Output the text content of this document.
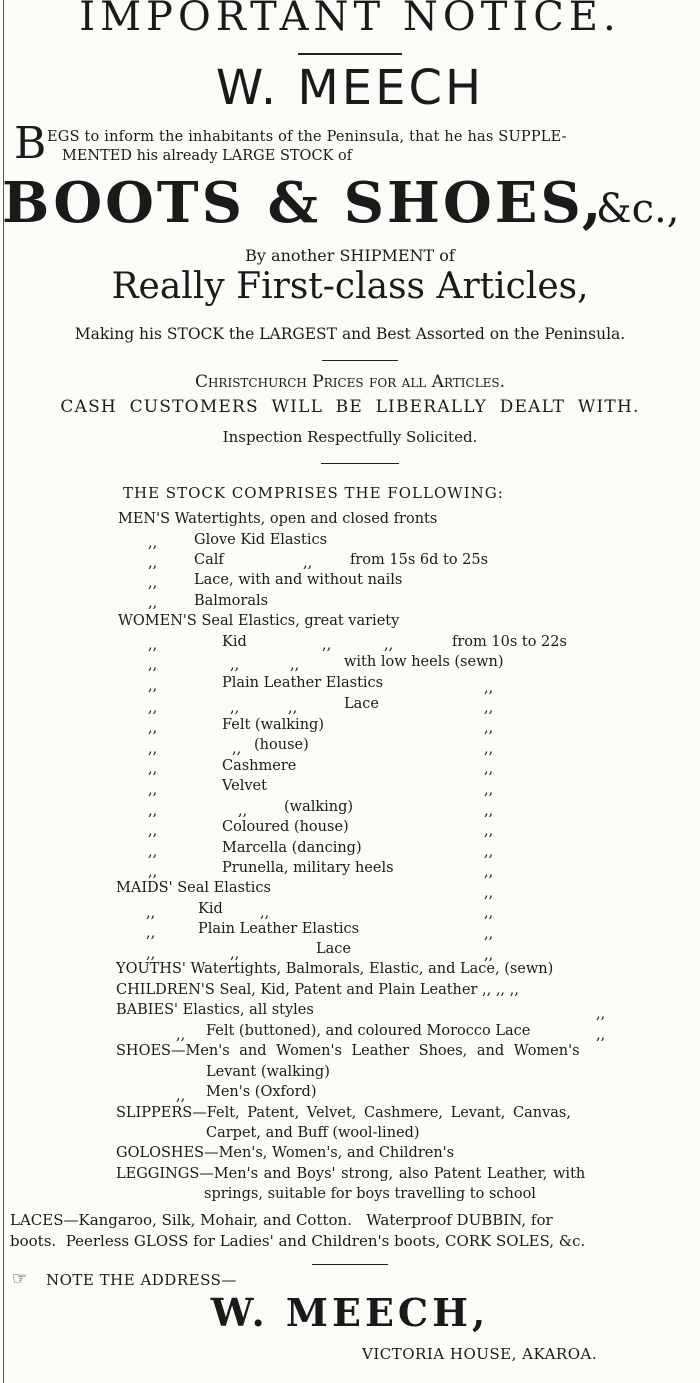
IMPORTANT NOTICE.
W. MEECH
B EGS to inform the inhabitants of the Peninsula, that he has SUPPLE-
MENTED his already LARGE STOCK of
BOOTS & SHOES,
&c.,
By another SHIPMENT of
Really First-class Articles,
Making his STOCK the LARGEST and Best Assorted on the Peninsula.
Christchurch Prices for all Articles.
CASH CUSTOMERS WILL BE LIBERALLY DEALT WITH.
Inspection Respectfully Solicited.
THE STOCK COMPRISES THE FOLLOWING:
MEN'S Watertights, open and closed fronts
,,	Glove Kid Elastics
,,	Calf	,,	from 15s 6d to 25s
,,	Lace, with and without nails
,,	Balmorals
WOMEN'S Seal Elastics, great variety
,,	Kid	,,	,,	from 10s to 22s
,,	,,	,,	with low heels (sewn)
,,	Plain Leather Elastics	,,
,,	,,	,,	Lace	,,
,,	Felt (walking)	,,
,,	,, (house)	,,
,,	Cashmere	,,
,,	Velvet	,,
,,	,,	(walking)	,,
,,	Coloured (house)	,,
,,	Marcella (dancing)	,,
,,	Prunella, military heels	,,
MAIDS' Seal Elastics	,,
,,	Kid	,,	,,
,,	Plain Leather Elastics	,,
,,	,,	Lace	,,
YOUTHS' Watertights, Balmorals, Elastic, and Lace, (sewn)
CHILDREN'S Seal, Kid, Patent and Plain Leather ,, ,, ,,
BABIES' Elastics, all styles	,,
,, Felt (buttoned), and coloured Morocco Lace	,,
SHOES—Men's and Women's Leather Shoes, and Women's
Levant (walking)
,, Men's (Oxford)
SLIPPERS—Felt, Patent, Velvet, Cashmere, Levant, Canvas,
Carpet, and Buff (wool-lined)
GOLOSHES—Men's, Women's, and Children's
LEGGINGS—Men's and Boys' strong, also Patent Leather, with
springs, suitable for boys travelling to school
LACES—Kangaroo, Silk, Mohair, and Cotton.   Waterproof DUBBIN, for
boots.  Peerless GLOSS for Ladies' and Children's boots, CORK SOLES, &c.
☞ NOTE THE ADDRESS—
W. MEECH,
VICTORIA HOUSE, AKAROA.
